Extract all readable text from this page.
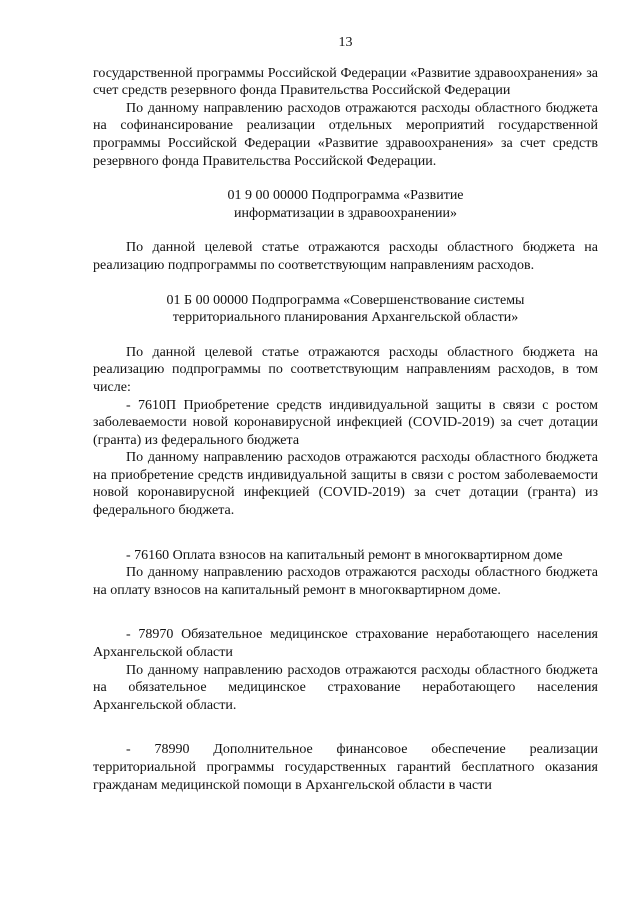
13

государственной программы Российской Федерации «Развитие здравоохранения» за счет средств резервного фонда Правительства Российской Федерации

По данному направлению расходов отражаются расходы областного бюджета на софинансирование реализации отдельных мероприятий государственной программы Российской Федерации «Развитие здравоохранения» за счет средств резервного фонда Правительства Российской Федерации.

01 9 00 00000 Подпрограмма «Развитие

информатизации в здравоохранении»

По данной целевой статье отражаются расходы областного бюджета на реализацию подпрограммы по соответствующим направлениям расходов.

01 Б 00 00000 Подпрограмма «Совершенствование системы

территориального планирования Архангельской области»

По данной целевой статье отражаются расходы областного бюджета на реализацию подпрограммы по соответствующим направлениям расходов, в том числе:

- 7610П Приобретение средств индивидуальной защиты в связи с ростом заболеваемости новой коронавирусной инфекцией (COVID-2019) за счет дотации (гранта) из федерального бюджета

По данному направлению расходов отражаются расходы областного бюджета на приобретение средств индивидуальной защиты в связи с ростом заболеваемости новой коронавирусной инфекцией (COVID-2019) за счет дотации (гранта) из федерального бюджета.

- 76160 Оплата взносов на капитальный ремонт в многоквартирном доме

По данному направлению расходов отражаются расходы областного бюджета на оплату взносов на капитальный ремонт в многоквартирном доме.

- 78970 Обязательное медицинское страхование неработающего населения Архангельской области

По данному направлению расходов отражаются расходы областного бюджета на обязательное медицинское страхование неработающего населения Архангельской области.

- 78990 Дополнительное финансовое обеспечение реализации территориальной программы государственных гарантий бесплатного оказания гражданам медицинской помощи в Архангельской области в части
